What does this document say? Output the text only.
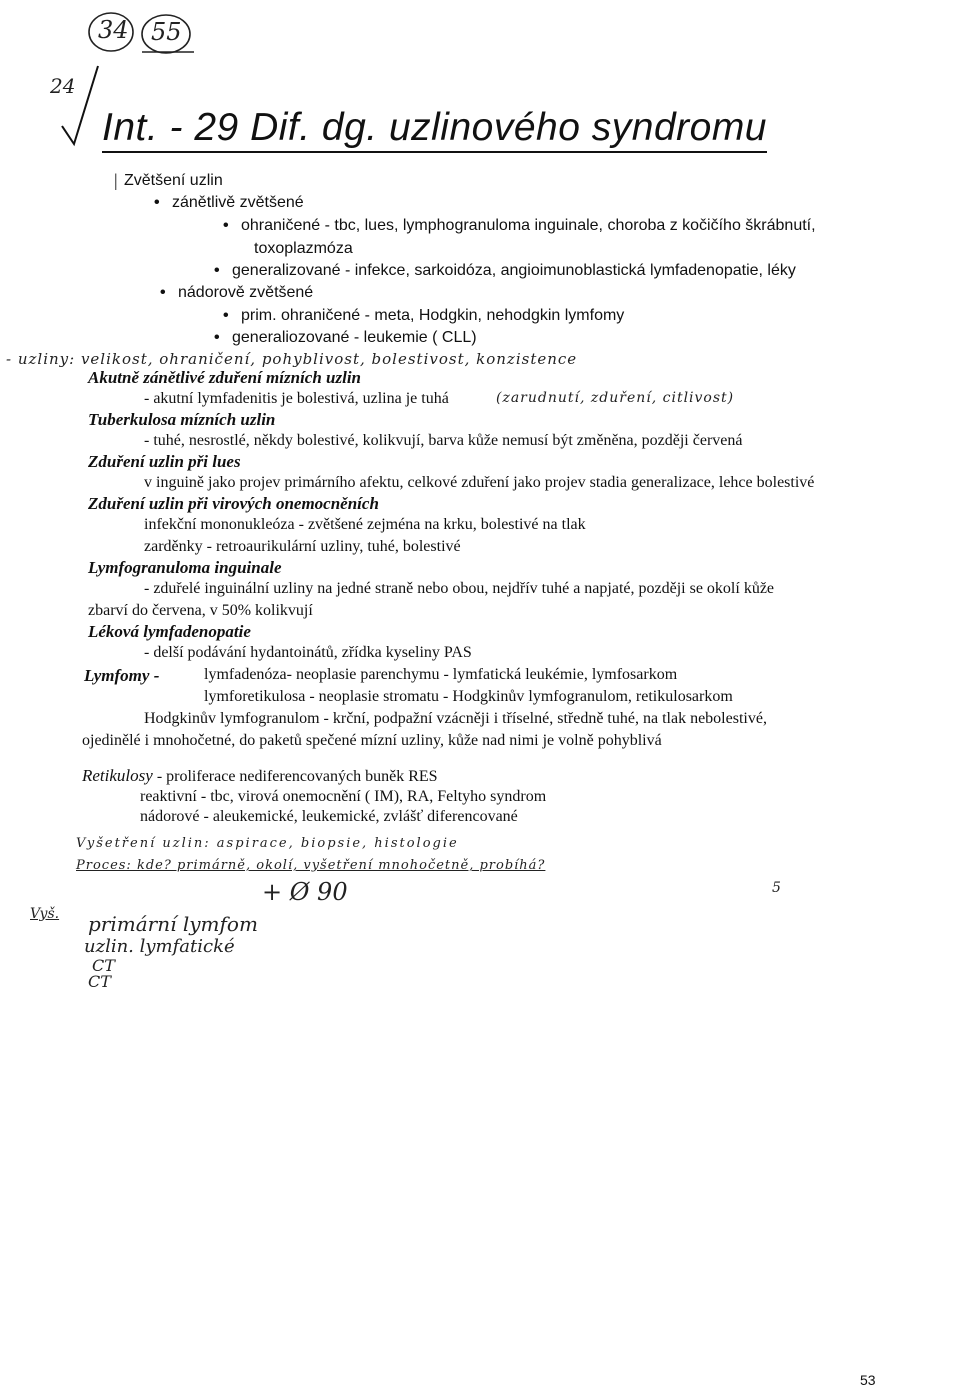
34 55
24
Int. - 29 Dif. dg. uzlinového syndromu
Zvětšení uzlin
|
• zánětlivě zvětšené
• ohraničené - tbc, lues, lymphogranuloma inguinale, choroba z kočičího škrábnutí,
toxoplazmóza
• generalizované - infekce, sarkoidóza, angioimunoblastická lymfadenopatie, léky
• nádorově zvětšené
• prim. ohraničené - meta, Hodgkin, nehodgkin lymfomy
• generaliozované - leukemie ( CLL)
- uzliny: velikost, ohraničení, pohyblivost, bolestivost, konzistence
Akutně zánětlivé zduření mízních uzlin
- akutní lymfadenitis je bolestivá, uzlina je tuhá	(zarudnutí, zduření, citlivost)
Tuberkulosa mízních uzlin
- tuhé, nesrostlé, někdy bolestivé, kolikvují, barva kůže nemusí být změněna, později červená
Zduření uzlin při lues
v inguině jako projev primárního afektu, celkové zduření jako projev stadia generalizace, lehce bolestivé
Zduření uzlin při virových onemocněních
infekční mononukleóza - zvětšené zejména na krku, bolestivé na tlak
zarděnky - retroaurikulární uzliny, tuhé, bolestivé
Lymfogranuloma inguinale
- zduřelé inguinální uzliny na jedné straně nebo obou, nejdřív tuhé a napjaté, později se okolí kůže
zbarví do červena, v 50% kolikvují
Léková lymfadenopatie
- delší podávání hydantoinátů, zřídka kyseliny PAS
Lymfomy -	lymfadenóza- neoplasie parenchymu - lymfatická leukémie, lymfosarkom
lymforetikulosa - neoplasie stromatu - Hodgkinův lymfogranulom, retikulosarkom
Hodgkinův lymfogranulom - krční, podpažní vzácněji i tříselné, středně tuhé, na tlak nebolestivé,
ojedinělé i mnohočetné, do paketů spečené mízní uzliny, kůže nad nimi je volně pohyblivá
Retikulosy - proliferace nediferencovaných buněk RES
reaktivní - tbc, virová onemocnění ( IM), RA, Feltyho syndrom
nádorové - aleukemické, leukemické, zvlášť diferencované
Vyšetření uzlin: aspirace, biopsie, histologie
Proces: kde? primárně, okolí, vyšetření mnohočetně, probíhá?
+ Ø 90	5
Vyš. primární lymfom
uzlin. lymfatické
CT
CT
53
